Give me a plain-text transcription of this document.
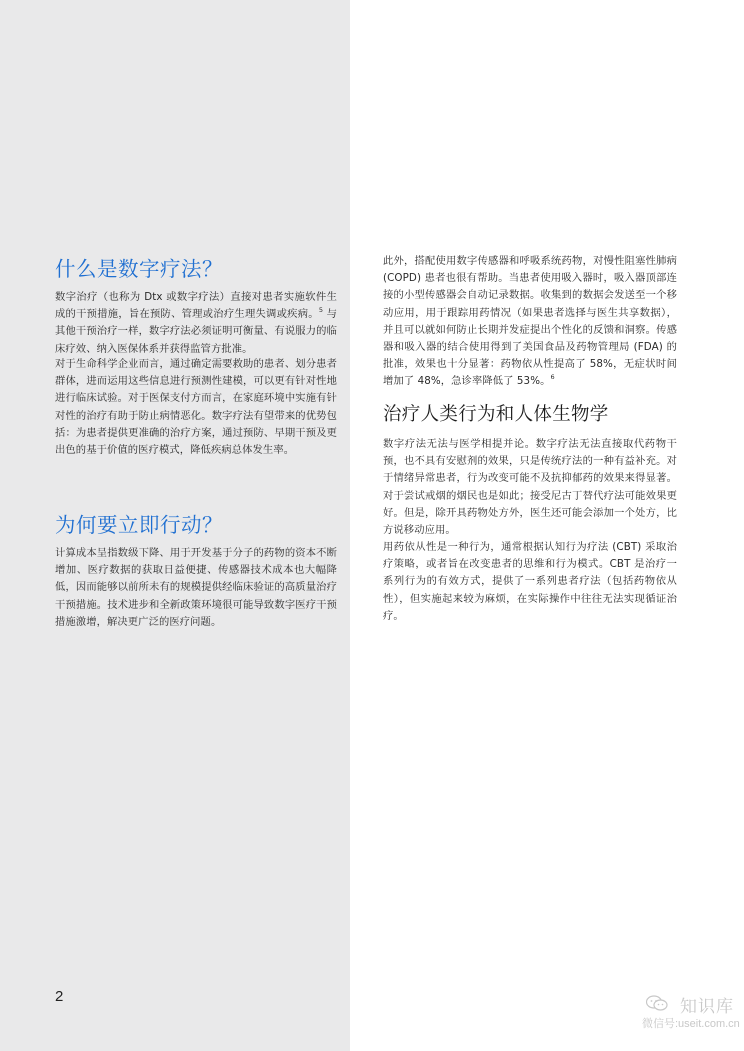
什么是数字疗法？

数字治疗（也称为 Dtx 或数字疗法）直接对患者实施软件生成的干预措施，旨在预防、管理或治疗生理失调或疾病。$^5$ 与其他干预治疗一样，数字疗法必须证明可衡量、有说服力的临床疗效、纳入医保体系并获得监管方批准。

对于生命科学企业而言，通过确定需要救助的患者、划分患者群体，进而运用这些信息进行预测性建模，可以更有针对性地进行临床试验。对于医保支付方而言，在家庭环境中实施有针对性的治疗有助于防止病情恶化。数字疗法有望带来的优势包括：为患者提供更准确的治疗方案，通过预防、早期干预及更出色的基于价值的医疗模式，降低疾病总体发生率。

为何要立即行动？

计算成本呈指数级下降、用于开发基于分子的药物的资本不断增加、医疗数据的获取日益便捷、传感器技术成本也大幅降低，因而能够以前所未有的规模提供经临床验证的高质量治疗干预措施。技术进步和全新政策环境很可能导致数字医疗干预措施激增，解决更广泛的医疗问题。

此外，搭配使用数字传感器和呼吸系统药物，对慢性阻塞性肺病 (COPD) 患者也很有帮助。当患者使用吸入器时，吸入器顶部连接的小型传感器会自动记录数据。收集到的数据会发送至一个移动应用，用于跟踪用药情况（如果患者选择与医生共享数据），并且可以就如何防止长期并发症提出个性化的反馈和洞察。传感器和吸入器的结合使用得到了美国食品及药物管理局 (FDA) 的批准，效果也十分显著：药物依从性提高了 58%，无症状时间增加了 48%，急诊率降低了 53%。$^6$

治疗人类行为和人体生物学

数字疗法无法与医学相提并论。数字疗法无法直接取代药物干预，也不具有安慰剂的效果，只是传统疗法的一种有益补充。对于情绪异常患者，行为改变可能不及抗抑郁药的效果来得显著。对于尝试戒烟的烟民也是如此；接受尼古丁替代疗法可能效果更好。但是，除开具药物处方外，医生还可能会添加一个处方，比方说移动应用。

用药依从性是一种行为，通常根据认知行为疗法 (CBT) 采取治疗策略，或者旨在改变患者的思维和行为模式。CBT 是治疗一系列行为的有效方式，提供了一系列患者疗法（包括药物依从性），但实施起来较为麻烦，在实际操作中往往无法实现循证治疗。

2
知识库
微信号:useit.com.cn
